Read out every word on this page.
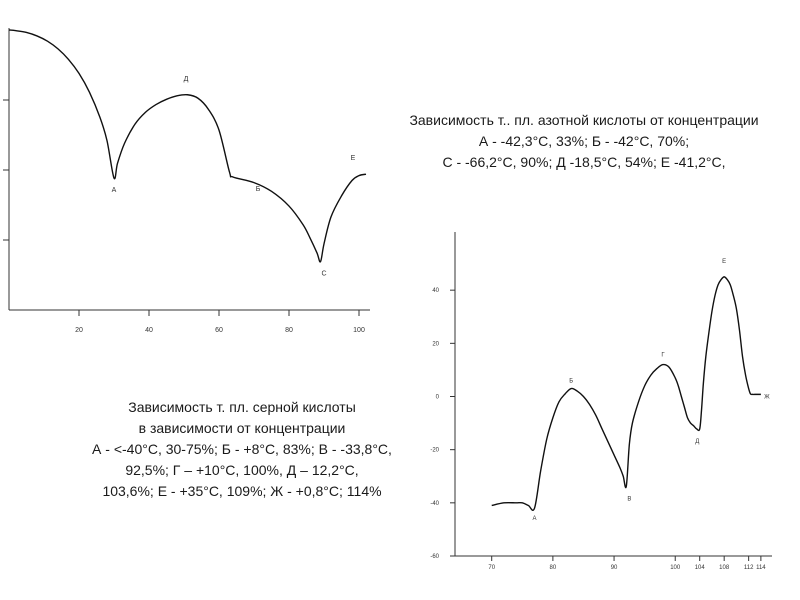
20	40	60	80	100
А
Д
Б
С
Е
70	80	90	100 104 108 112 114
-60
-40
-20
0
20
40
А
Б
В
Г
Д
Е
Ж
Зависимость т.. пл. азотной кислоты от концентрации
А - -42,3°С, 33%; Б - -42°С, 70%;
С - -66,2°С, 90%; Д -18,5°С, 54%; Е -41,2°С,
Зависимость т. пл. серной кислоты
в зависимости от концентрации
А - <-40°С, 30-75%; Б - +8°С, 83%; В - -33,8°С,
92,5%; Г – +10°С, 100%, Д – 12,2°С,
103,6%; Е - +35°С, 109%; Ж - +0,8°С; 114%
